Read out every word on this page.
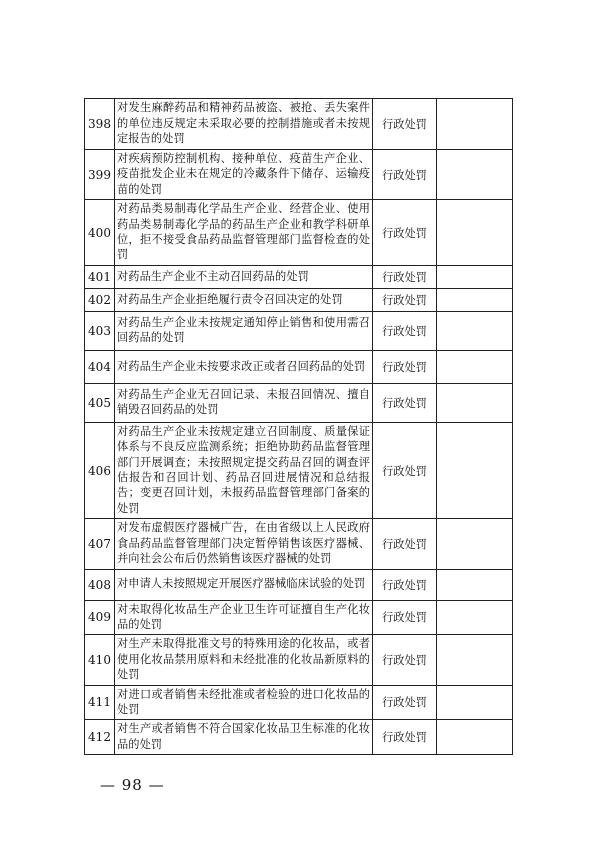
398	对发生麻醉药品和精神药品被盗、被抢、丢失案件的单位违反规定未采取必要的控制措施或者未按规定报告的处罚	行政处罚	
399	对疾病预防控制机构、接种单位、疫苗生产企业、疫苗批发企业未在规定的冷藏条件下储存、运输疫苗的处罚	行政处罚	
400	对药品类易制毒化学品生产企业、经营企业、使用药品类易制毒化学品的药品生产企业和教学科研单位，拒不接受食品药品监督管理部门监督检查的处罚	行政处罚	
401	对药品生产企业不主动召回药品的处罚	行政处罚	
402	对药品生产企业拒绝履行责令召回决定的处罚	行政处罚	
403	对药品生产企业未按规定通知停止销售和使用需召回药品的处罚	行政处罚	
404	对药品生产企业未按要求改正或者召回药品的处罚	行政处罚	
405	对药品生产企业无召回记录、未报召回情况、擅自销毁召回药品的处罚	行政处罚	
406	对药品生产企业未按规定建立召回制度、质量保证体系与不良反应监测系统；拒绝协助药品监督管理部门开展调查；未按照规定提交药品召回的调查评估报告和召回计划、药品召回进展情况和总结报告；变更召回计划，未报药品监督管理部门备案的处罚	行政处罚	
407	对发布虚假医疗器械广告，在由省级以上人民政府食品药品监督管理部门决定暂停销售该医疗器械、并向社会公布后仍然销售该医疗器械的处罚	行政处罚	
408	对申请人未按照规定开展医疗器械临床试验的处罚	行政处罚	
409	对未取得化妆品生产企业卫生许可证擅自生产化妆品的处罚	行政处罚	
410	对生产未取得批准文号的特殊用途的化妆品，或者使用化妆品禁用原料和未经批准的化妆品新原料的处罚	行政处罚	
411	对进口或者销售未经批准或者检验的进口化妆品的处罚	行政处罚	
412	对生产或者销售不符合国家化妆品卫生标准的化妆品的处罚	行政处罚	
— 98 —
